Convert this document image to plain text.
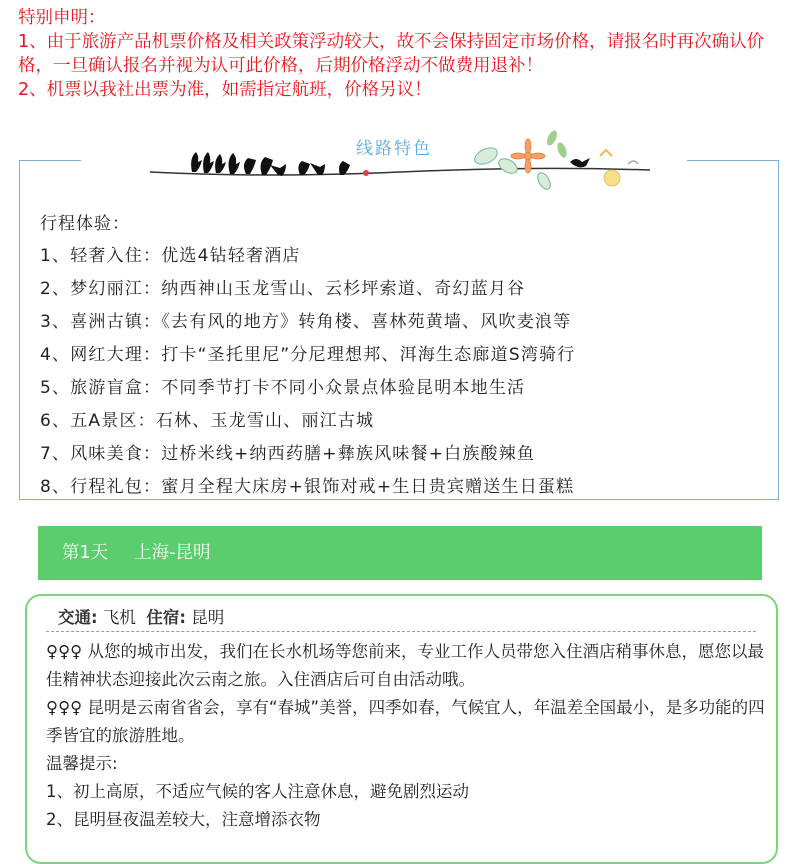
特别申明：

1、由于旅游产品机票价格及相关政策浮动较大，故不会保持固定市场价格，请报名时再次确认价格，一旦确认报名并视为认可此价格，后期价格浮动不做费用退补！

2、机票以我社出票为准，如需指定航班，价格另议！

线路特色
行程体验：
1、轻奢入住：优选4钻轻奢酒店
2、梦幻丽江：纳西神山玉龙雪山、云杉坪索道、奇幻蓝月谷
3、喜洲古镇：《去有风的地方》转角楼、喜林苑黄墙、风吹麦浪等
4、网红大理：打卡“圣托里尼”分尼理想邦、洱海生态廊道S湾骑行
5、旅游盲盒：不同季节打卡不同小众景点体验昆明本地生活
6、五A景区：石林、玉龙雪山、丽江古城
7、风味美食：过桥米线+纳西药膳+彝族风味餐+白族酸辣鱼
8、行程礼包：蜜月全程大床房+银饰对戒+生日贵宾赠送生日蛋糕
第1天 上海-昆明
交通: 飞机 住宿: 昆明

♀♀♀ 从您的城市出发，我们在长水机场等您前来，专业工作人员带您入住酒店稍事休息，愿您以最佳精神状态迎接此次云南之旅。入住酒店后可自由活动哦。

♀♀♀ 昆明是云南省省会，享有“春城”美誉，四季如春，气候宜人，年温差全国最小，是多功能的四季皆宜的旅游胜地。

温馨提示:

1、初上高原，不适应气候的客人注意休息，避免剧烈运动

2、昆明昼夜温差较大，注意增添衣物
